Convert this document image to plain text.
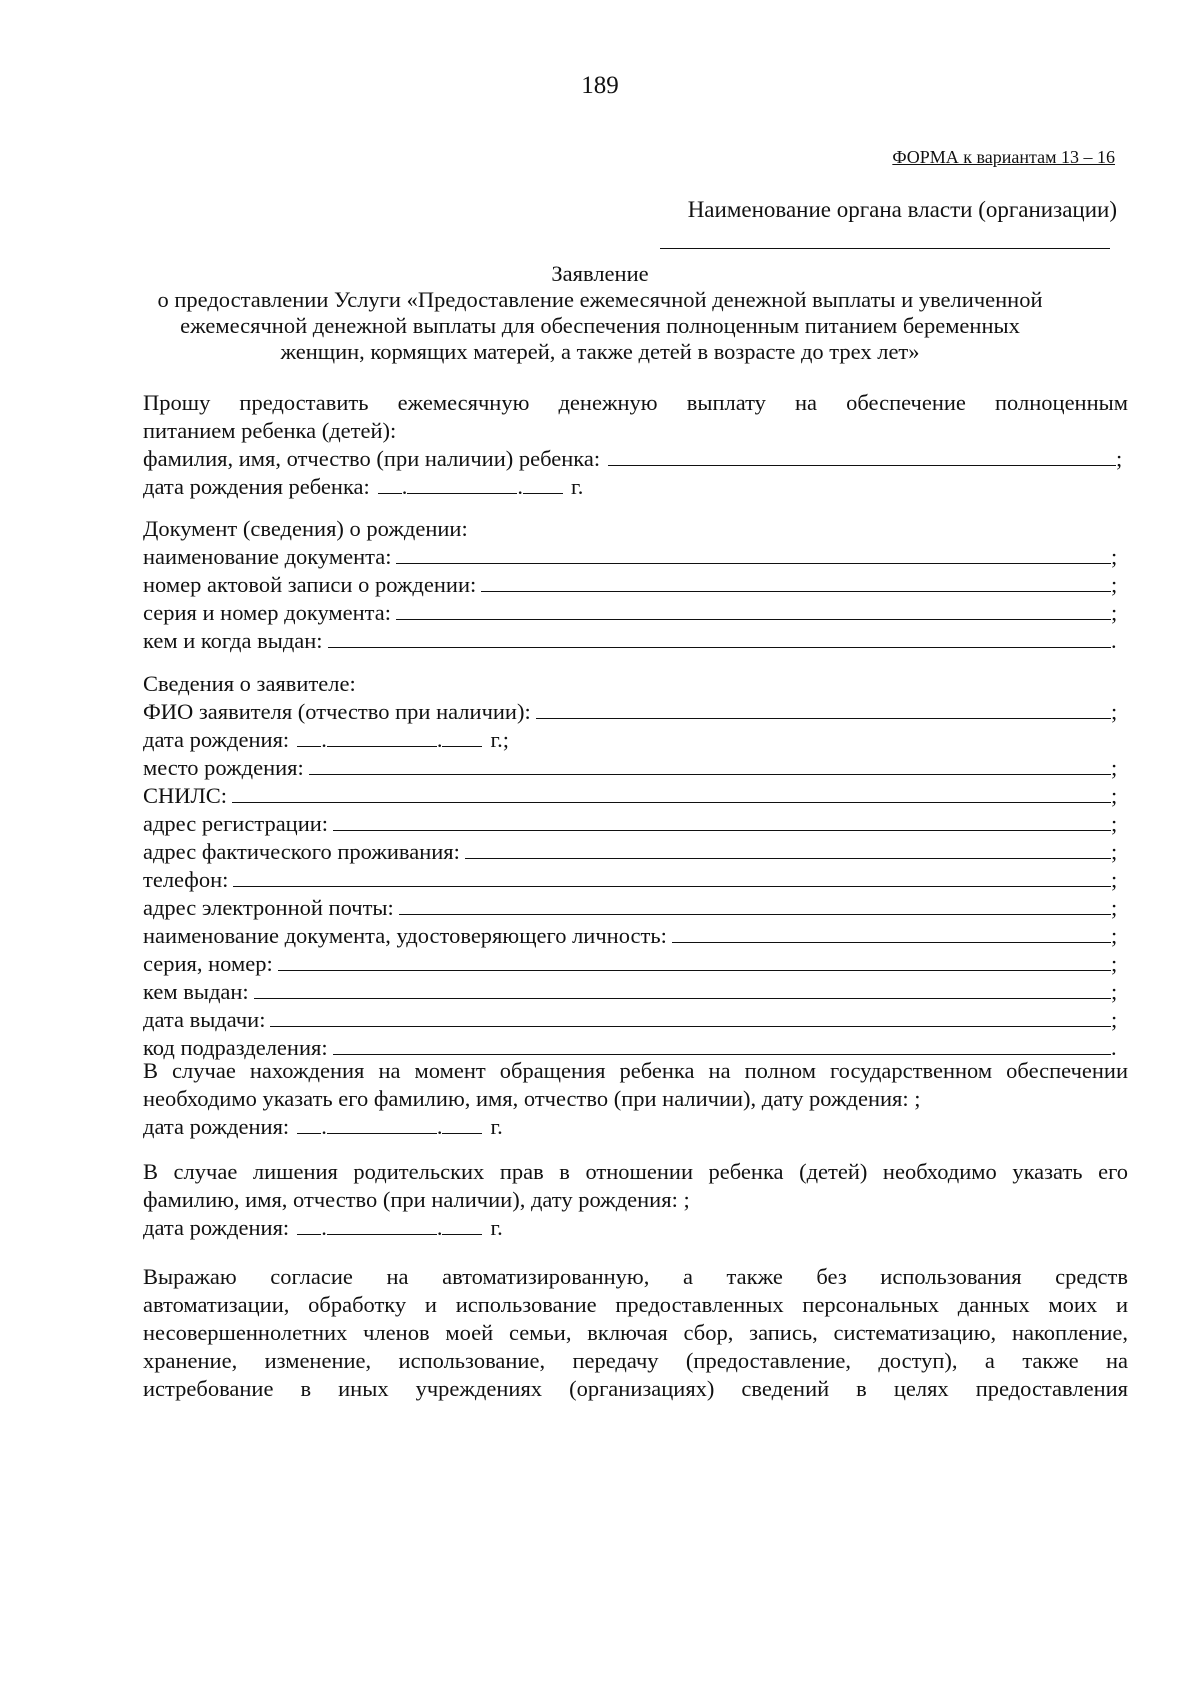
189
ФОРМА к вариантам 13 – 16
Наименование органа власти (организации)
Заявление
о предоставлении Услуги «Предоставление ежемесячной денежной выплаты и увеличенной
ежемесячной денежной выплаты для обеспечения полноценным питанием беременных
женщин, кормящих матерей, а также детей в возрасте до трех лет»
Прошу предоставить ежемесячную денежную выплату на обеспечение полноценным
питанием ребенка (детей):
фамилия, имя, отчество (при наличии) ребенка:	;
дата рождения ребенка: .	. г.
Документ (сведения) о рождении:
наименование документа:	;
номер актовой записи о рождении:	;
серия и номер документа:	;
кем и когда выдан:	.
Сведения о заявителе:
ФИО заявителя (отчество при наличии):	;
дата рождения: .	. г.;
место рождения:	;
СНИЛС:	;
адрес регистрации:	;
адрес фактического проживания:	;
телефон:	;
адрес электронной почты:	;
наименование документа, удостоверяющего личность:	;
серия, номер:	;
кем выдан:	;
дата выдачи:	;
код подразделения:	.
В случае нахождения на момент обращения ребенка на полном государственном обеспечении
необходимо указать его фамилию, имя, отчество (при наличии), дату рождения: ;
дата рождения: .	. г.
В случае лишения родительских прав в отношении ребенка (детей) необходимо указать его
фамилию, имя, отчество (при наличии), дату рождения: ;
дата рождения: .	. г.
Выражаю согласие на автоматизированную, а также без использования средств
автоматизации, обработку и использование предоставленных персональных данных моих и
несовершеннолетних членов моей семьи, включая сбор, запись, систематизацию, накопление,
хранение, изменение, использование, передачу (предоставление, доступ), а также на
истребование в иных учреждениях (организациях) сведений в целях предоставления
